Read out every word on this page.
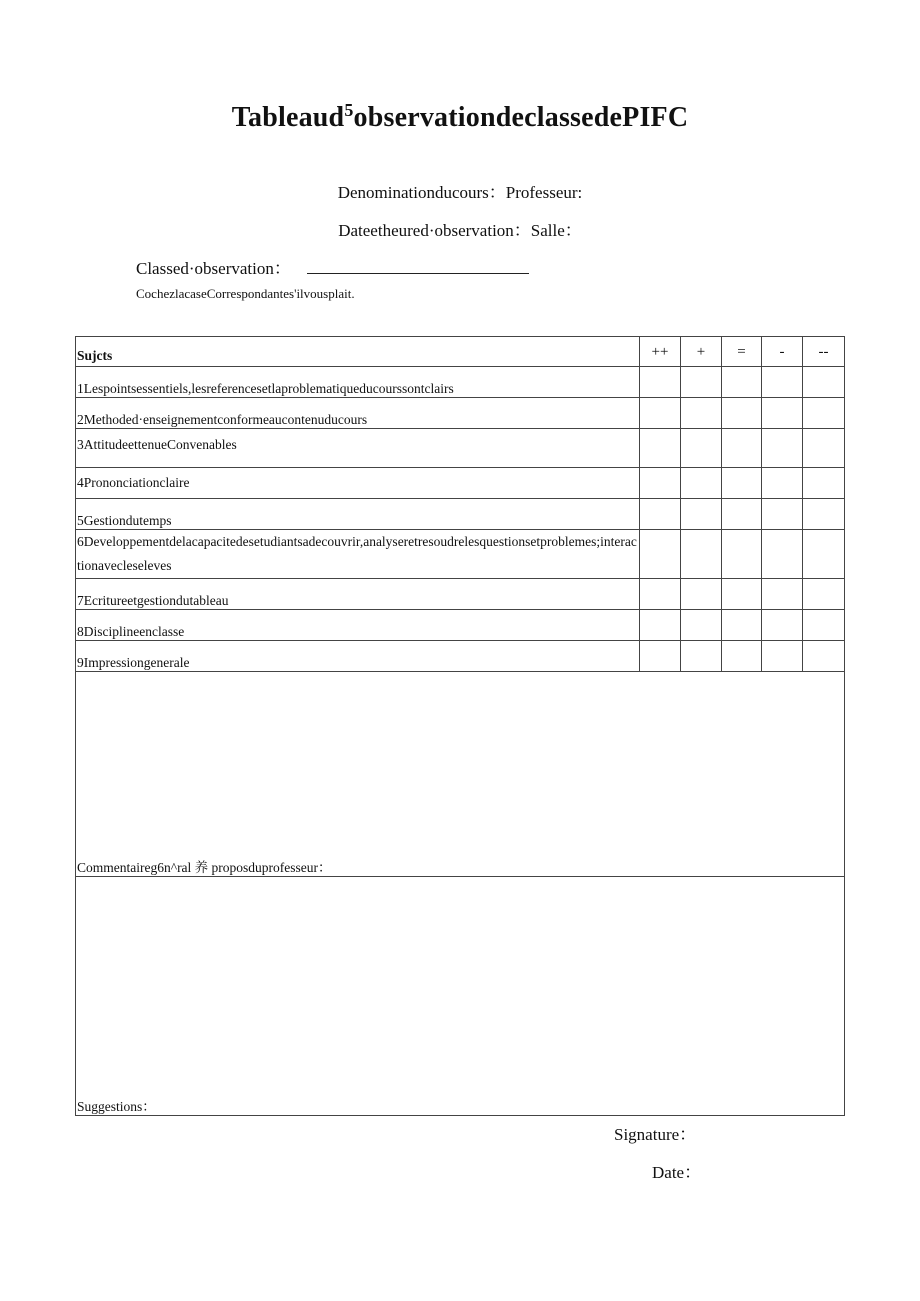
Tableaud$^5$observationdeclassedePIFC
Denominationducours：Professeur:
Dateetheured·observation：Salle：
Classed·observation：
CochezlacaseCorrespondantes'ilvousplait.
Sujcts	++	+	=	-	--
1Lespointsessentiels,lesreferencesetlaproblematiqueducourssontclairs					
2Methoded·enseignementconformeaucontenuducours					
3AttitudeettenueConvenables					
4Prononciationclaire					
5Gestiondutemps					
6Developpementdelacapacitedesetudiantsadecouvrir,analyseretresoudrelesquestionsetproblemes;interactionavecleseleves					
7Ecritureetgestiondutableau					
8Disciplineenclasse					
9Impressiongenerale					
Commentaireg6n^ral 养 proposduprofesseur：					
Suggestions：					
Signature：
Date：
